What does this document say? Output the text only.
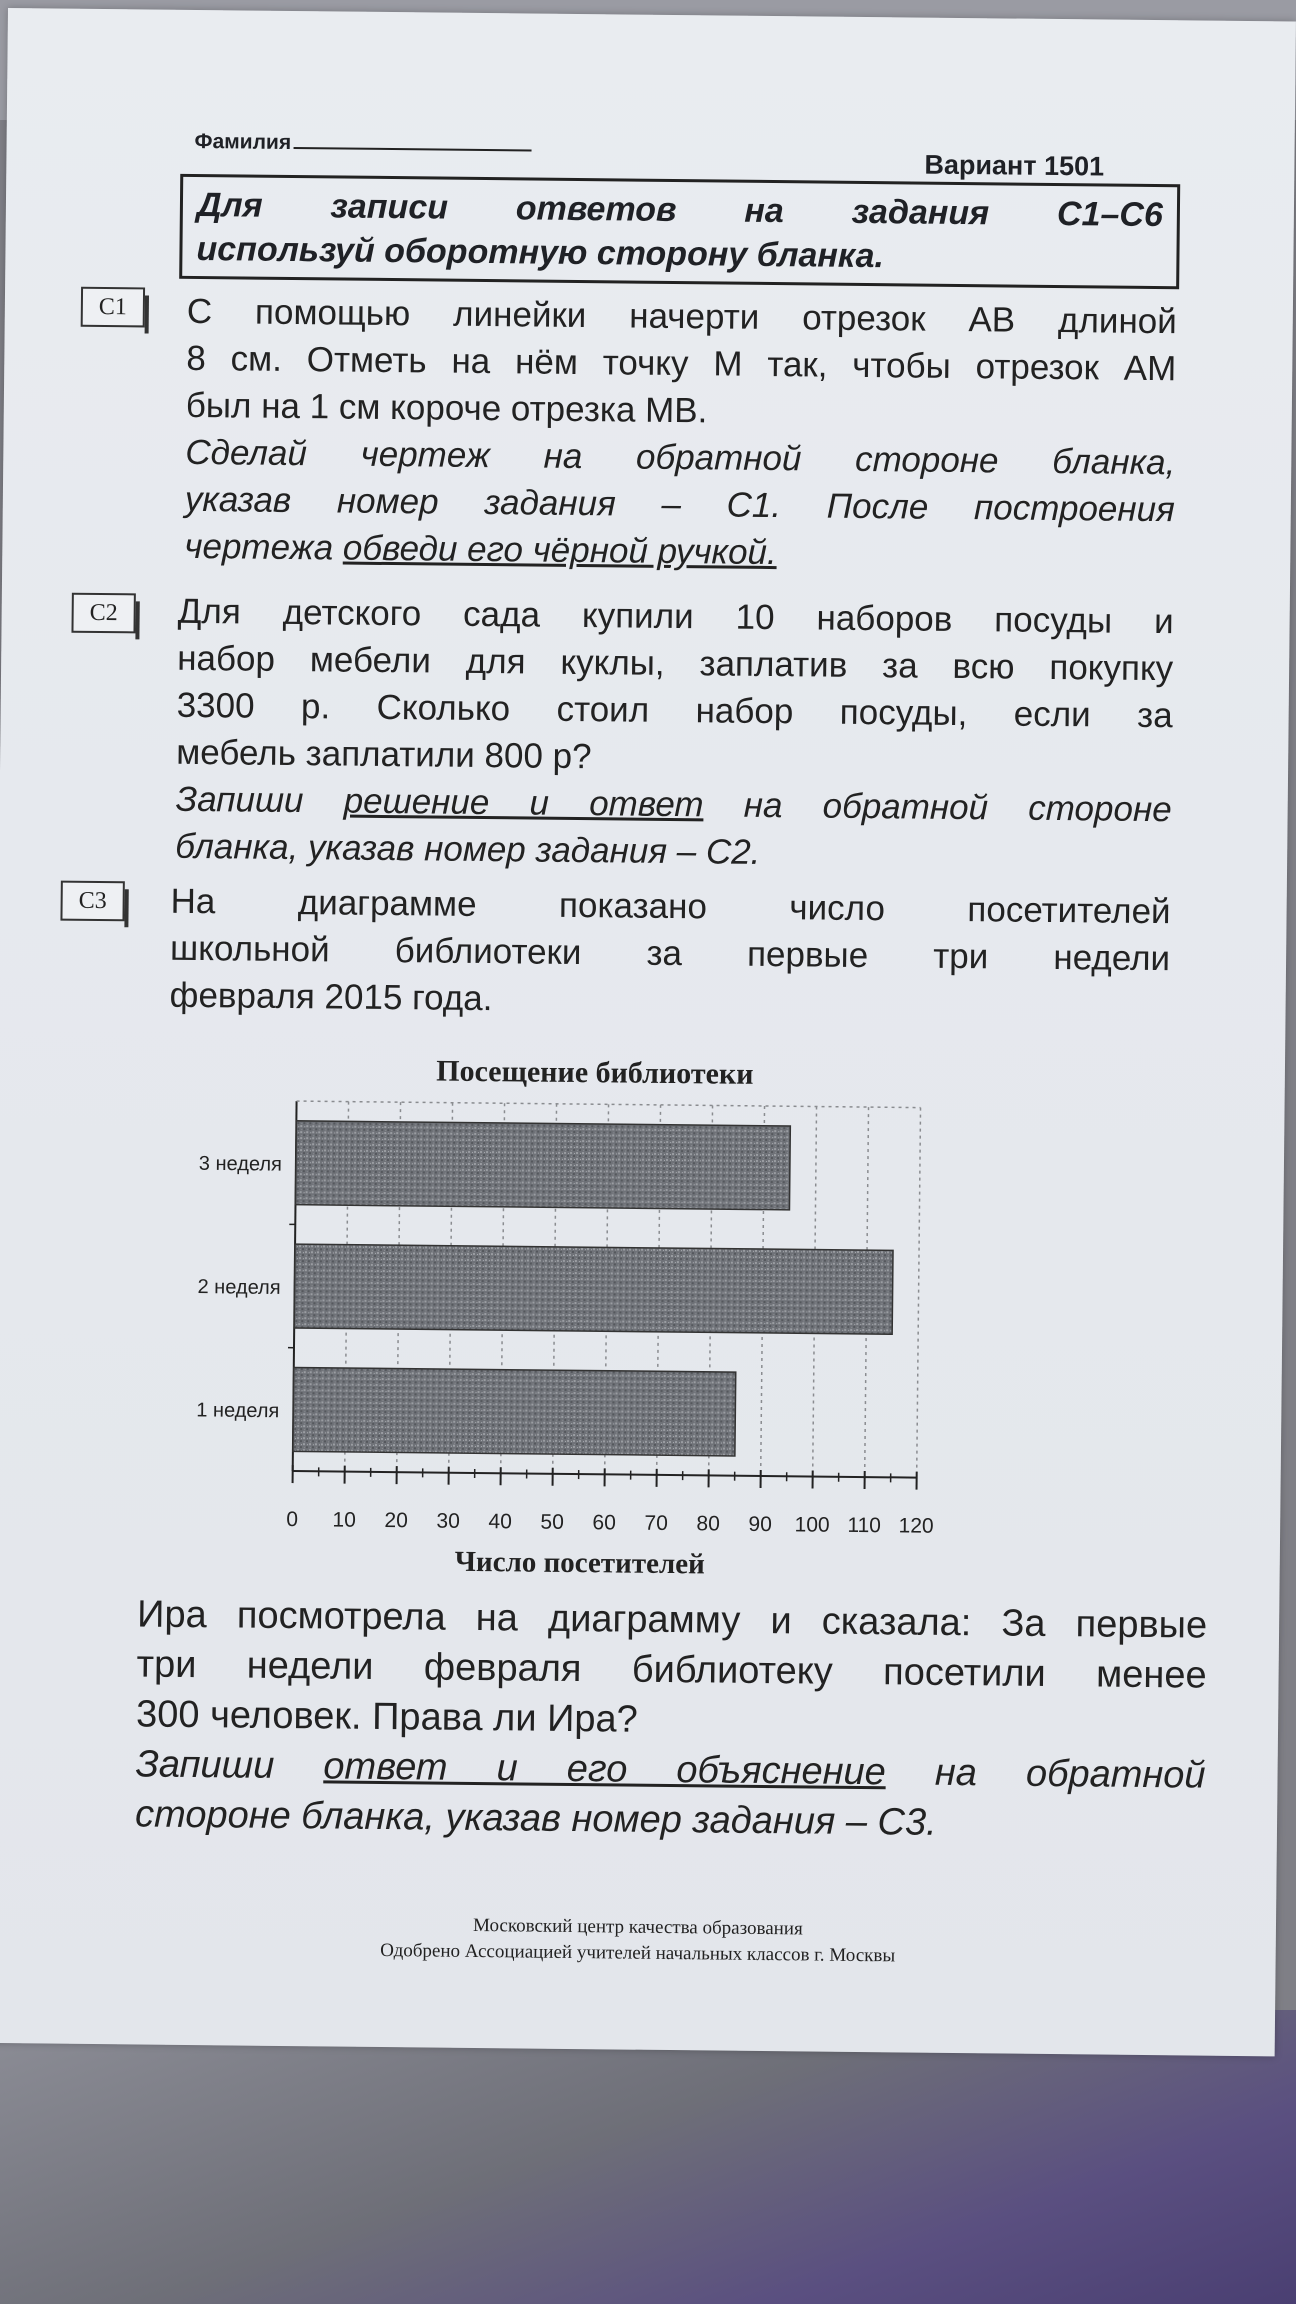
Фамилия
Вариант 1501
Для записи ответов на задания С1–С6
используй оборотную сторону бланка.
С1	С помощью линейки начерти отрезок АВ длиной
8 см. Отметь на нём точку М так, чтобы отрезок АМ
был на 1 см короче отрезка МВ.
Сделай чертеж на обратной стороне бланка,
указав номер задания – С1. После построения
чертежа обведи его чёрной ручкой.
С2	Для детского сада купили 10 наборов посуды и
набор мебели для куклы, заплатив за всю покупку
3300 р. Сколько стоил набор посуды, если за
мебель заплатили 800 р?
Запиши решение и ответ на обратной стороне
бланка, указав номер задания – С2.
С3	На диаграмме показано число посетителей
школьной библиотеки за первые три недели
февраля 2015 года.
Посещение библиотеки
3 неделя
2 неделя
1 неделя
0 10 20 30 40 50 60 70 80 90 100 110 120
Число посетителей
Ира посмотрела на диаграмму и сказала: За первые
три недели февраля библиотеку посетили менее
300 человек. Права ли Ира?
Запиши ответ и его объяснение на обратной
стороне бланка, указав номер задания – С3.
Московский центр качества образования
Одобрено Ассоциацией учителей начальных классов г. Москвы
